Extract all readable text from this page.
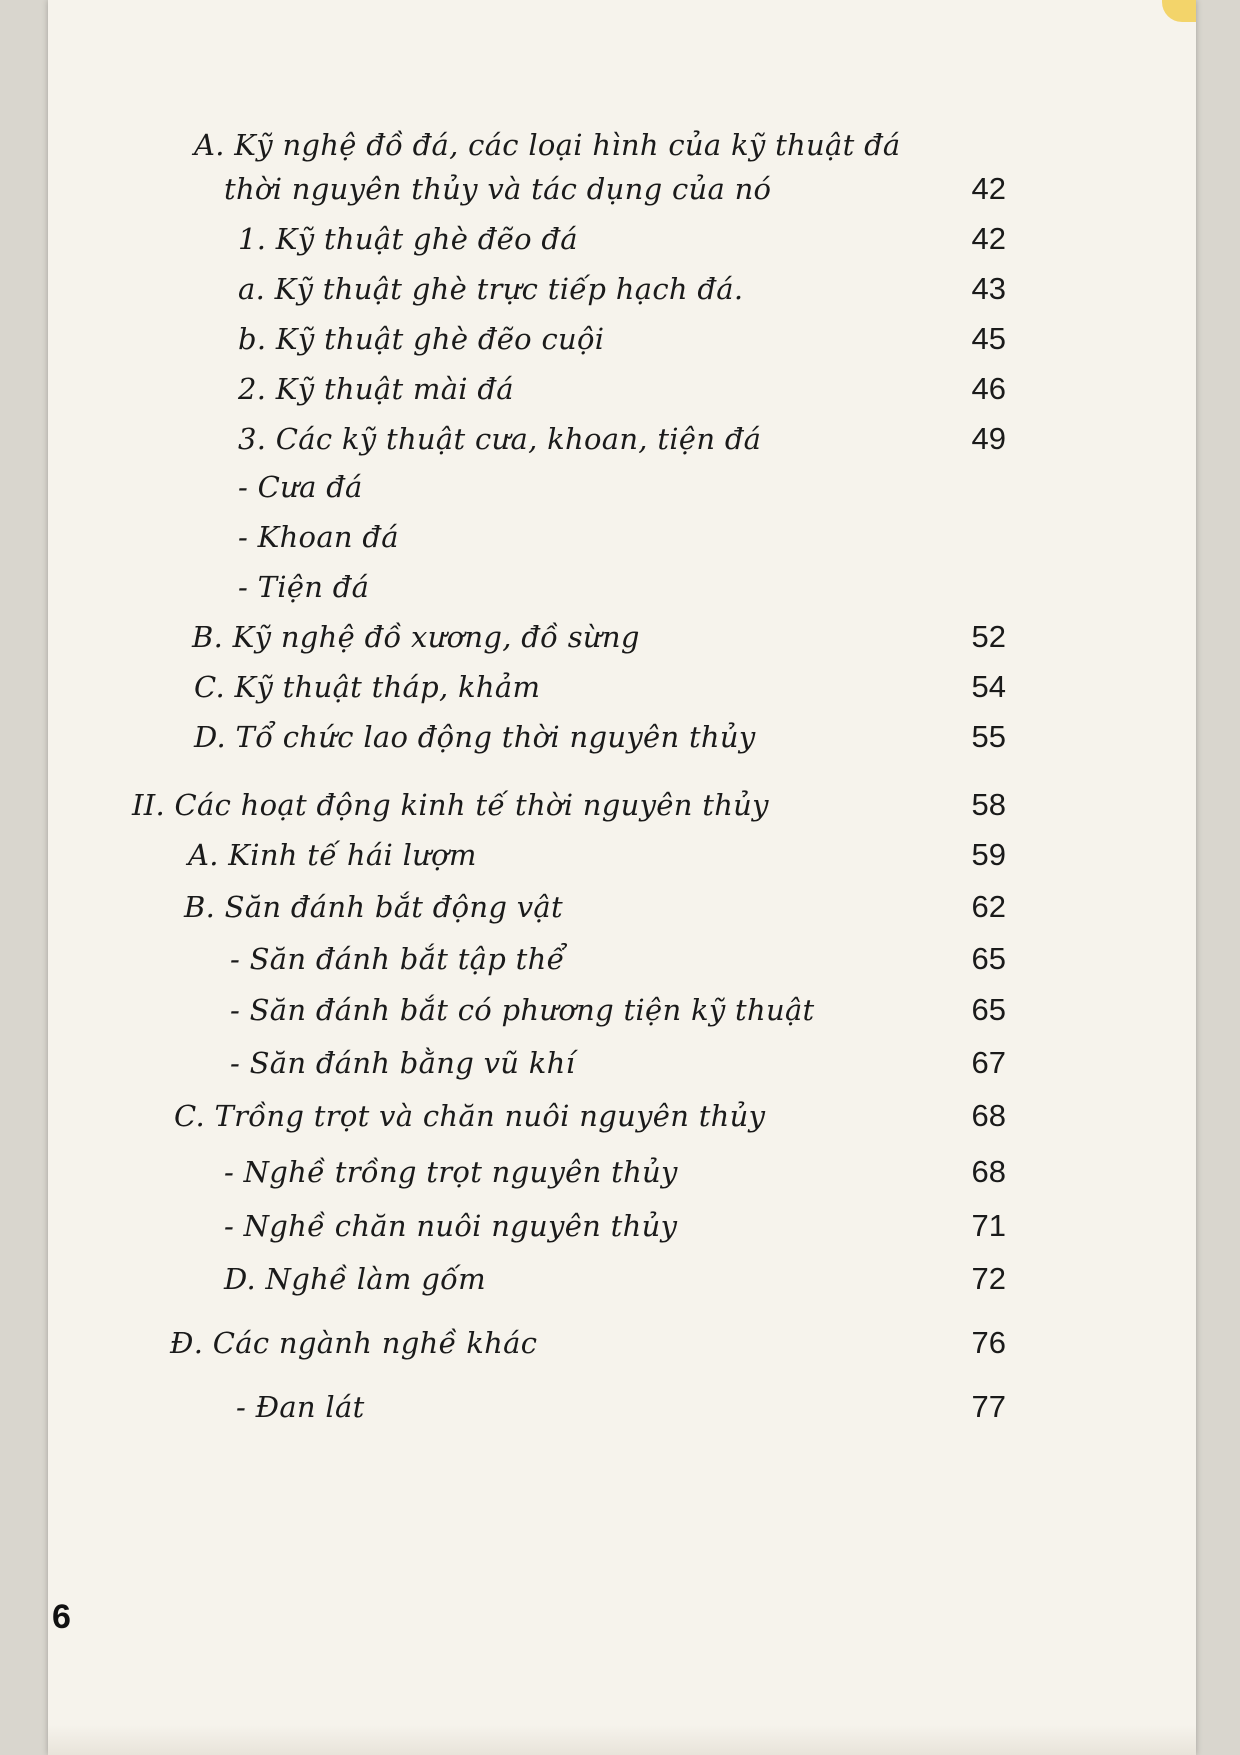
A. Kỹ nghệ đồ đá, các loại hình của kỹ thuật đá
thời nguyên thủy và tác dụng của nó	42
1. Kỹ thuật ghè đẽo đá	42
a. Kỹ thuật ghè trực tiếp hạch đá.	43
b. Kỹ thuật ghè đẽo cuội	45
2. Kỹ thuật mài đá	46
3. Các kỹ thuật cưa, khoan, tiện đá	49
- Cưa đá
- Khoan đá
- Tiện đá
B. Kỹ nghệ đồ xương, đồ sừng	52
C. Kỹ thuật tháp, khảm	54
D. Tổ chức lao động thời nguyên thủy	55
II. Các hoạt động kinh tế thời nguyên thủy	58
A. Kinh tế hái lượm	59
B. Săn đánh bắt động vật	62
- Săn đánh bắt tập thể	65
- Săn đánh bắt có phương tiện kỹ thuật	65
- Săn đánh bằng vũ khí	67
C. Trồng trọt và chăn nuôi nguyên thủy	68
- Nghề trồng trọt nguyên thủy	68
- Nghề chăn nuôi nguyên thủy	71
D. Nghề làm gốm	72
Đ. Các ngành nghề khác	76
- Đan lát	77
6
